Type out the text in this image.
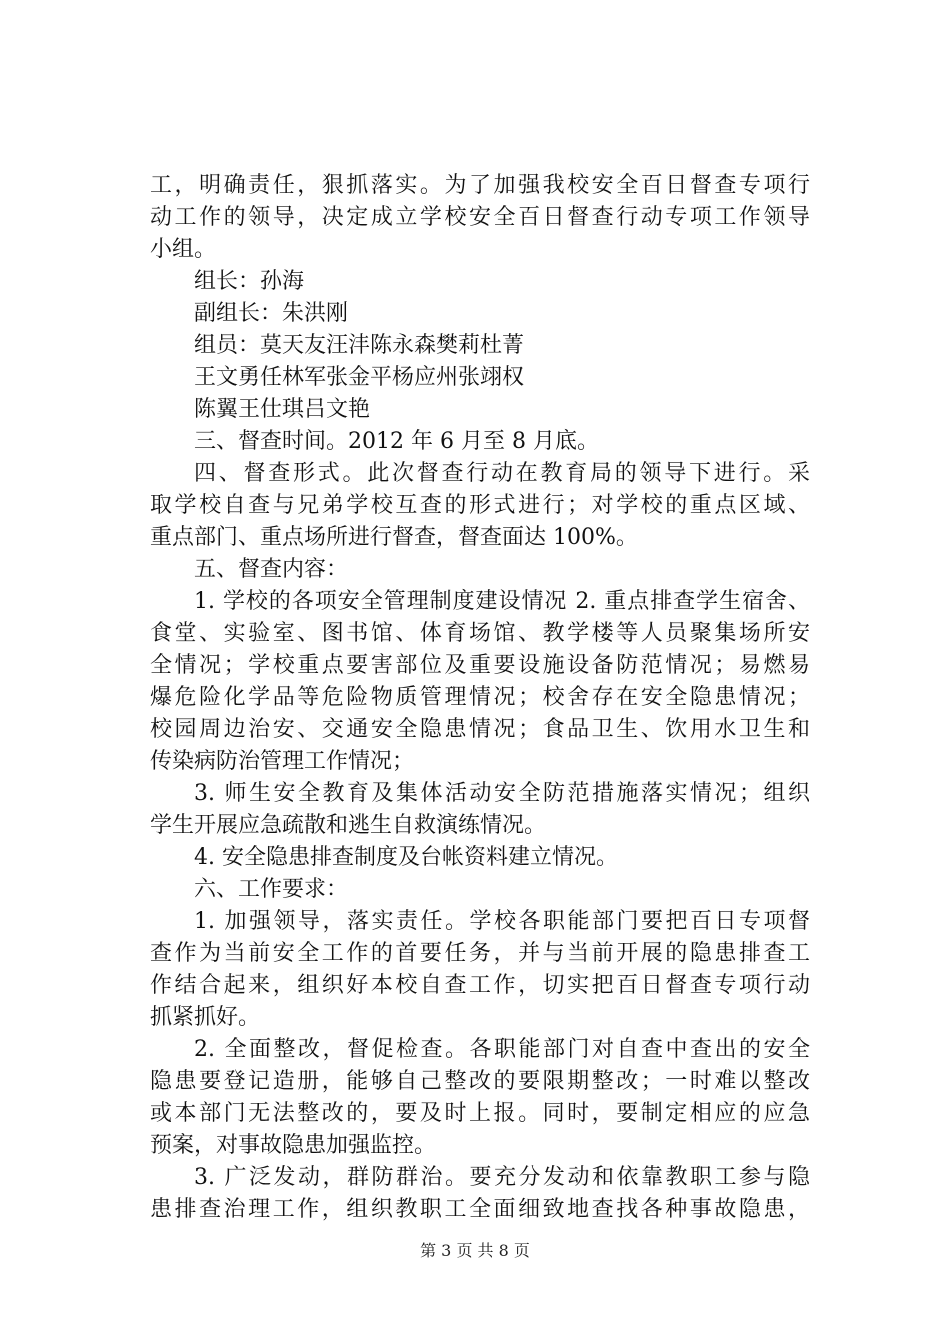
工，明确责任，狠抓落实。为了加强我校安全百日督查专项行
动工作的领导，决定成立学校安全百日督查行动专项工作领导
小组。
组长：孙海
副组长：朱洪刚
组员：莫天友汪沣陈永森樊莉杜菁
王文勇任林军张金平杨应州张翊权
陈翼王仕琪吕文艳
三、督查时间。2012 年 6 月至 8 月底。
四、督查形式。此次督查行动在教育局的领导下进行。采
取学校自查与兄弟学校互查的形式进行；对学校的重点区域、
重点部门、重点场所进行督查，督查面达 100%。
五、督查内容：
1. 学校的各项安全管理制度建设情况 2. 重点排查学生宿舍、
食堂、实验室、图书馆、体育场馆、教学楼等人员聚集场所安
全情况；学校重点要害部位及重要设施设备防范情况；易燃易
爆危险化学品等危险物质管理情况；校舍存在安全隐患情况；
校园周边治安、交通安全隐患情况；食品卫生、饮用水卫生和
传染病防治管理工作情况；
3. 师生安全教育及集体活动安全防范措施落实情况；组织
学生开展应急疏散和逃生自救演练情况。
4. 安全隐患排查制度及台帐资料建立情况。
六、工作要求：
1. 加强领导，落实责任。学校各职能部门要把百日专项督
查作为当前安全工作的首要任务，并与当前开展的隐患排查工
作结合起来，组织好本校自查工作，切实把百日督查专项行动
抓紧抓好。
2. 全面整改，督促检查。各职能部门对自查中查出的安全
隐患要登记造册，能够自己整改的要限期整改；一时难以整改
或本部门无法整改的，要及时上报。同时，要制定相应的应急
预案，对事故隐患加强监控。
3. 广泛发动，群防群治。要充分发动和依靠教职工参与隐
患排查治理工作，组织教职工全面细致地查找各种事故隐患，
第 3 页 共 8 页
